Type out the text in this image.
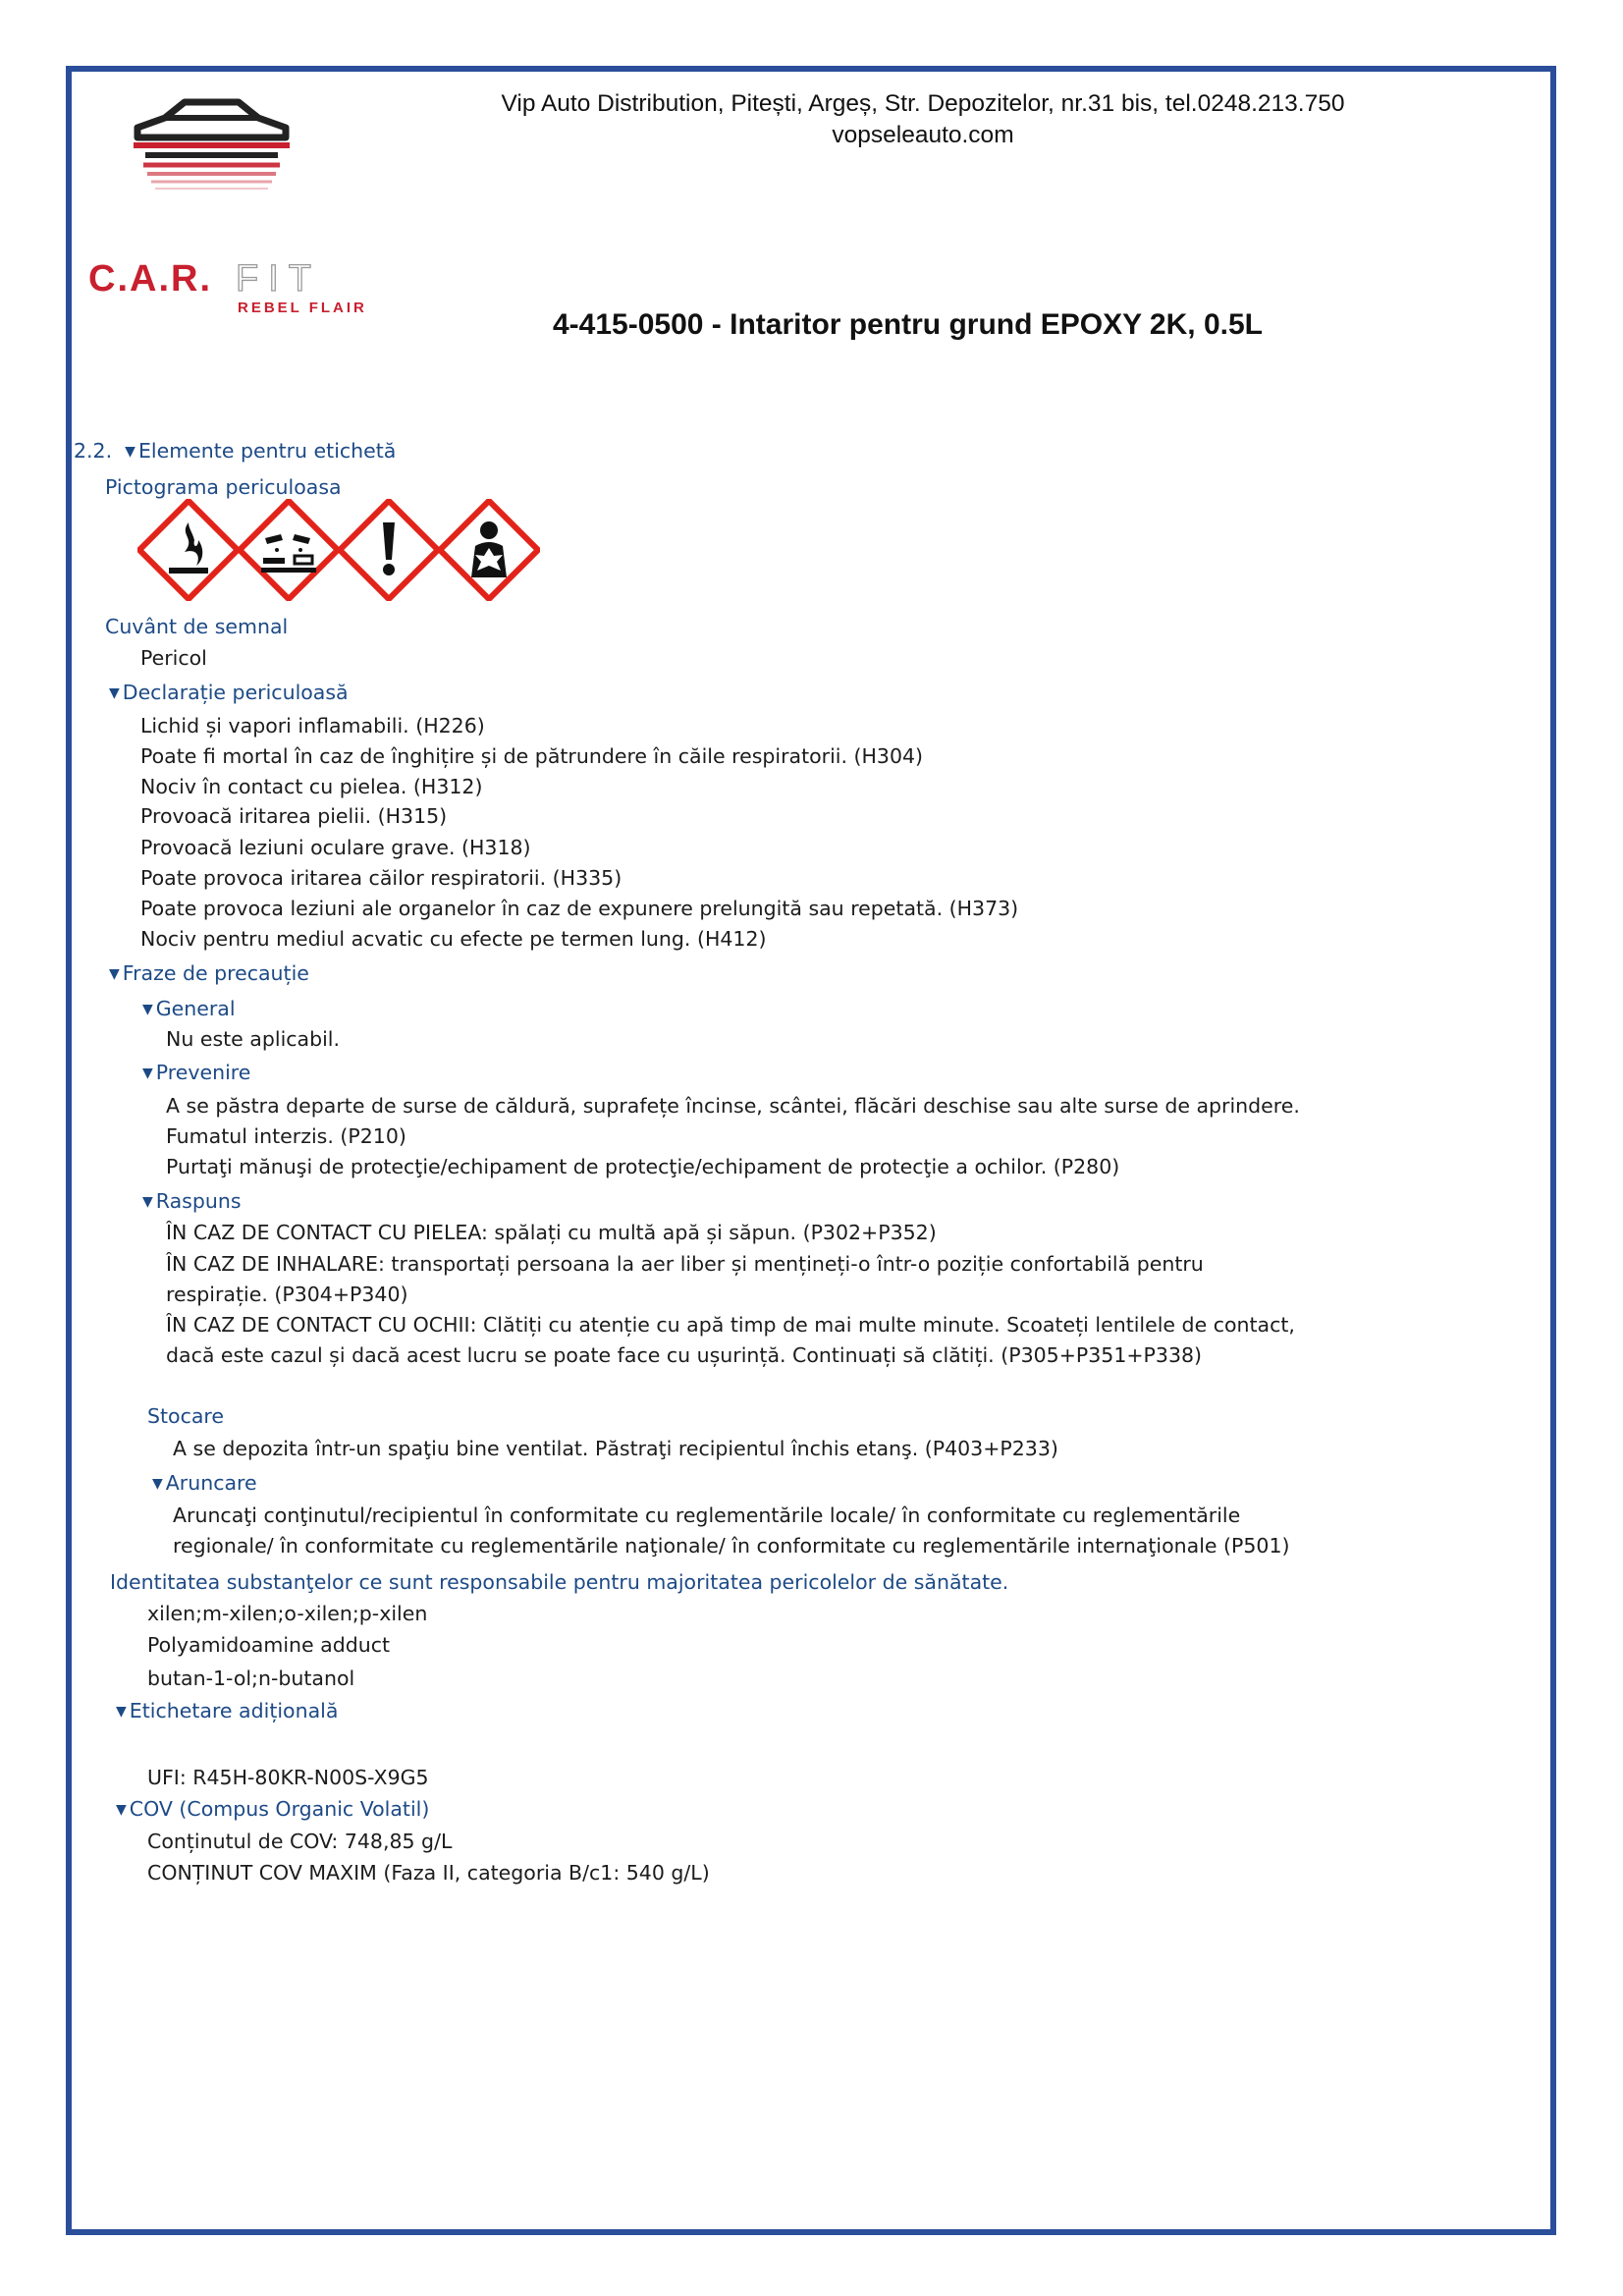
C.A.R. FIT
REBEL FLAIR
Vip Auto Distribution, Pitești, Argeș, Str. Depozitelor, nr.31 bis, tel.0248.213.750
vopseleauto.com
4-415-0500 - Intaritor pentru grund EPOXY 2K, 0.5L
2.2. ▼ Elemente pentru etichetă
Pictograma periculoasa
Cuvânt de semnal
Pericol
▼ Declarație periculoasă
Lichid și vapori inflamabili. (H226)
Poate fi mortal în caz de înghițire și de pătrundere în căile respiratorii. (H304)
Nociv în contact cu pielea. (H312)
Provoacă iritarea pielii. (H315)
Provoacă leziuni oculare grave. (H318)
Poate provoca iritarea căilor respiratorii. (H335)
Poate provoca leziuni ale organelor în caz de expunere prelungită sau repetată. (H373)
Nociv pentru mediul acvatic cu efecte pe termen lung. (H412)
▼ Fraze de precauție
▼ General
Nu este aplicabil.
▼ Prevenire
A se păstra departe de surse de căldură, suprafețe încinse, scântei, flăcări deschise sau alte surse de aprindere.
Fumatul interzis. (P210)
Purtaţi mănuşi de protecţie/echipament de protecţie/echipament de protecţie a ochilor. (P280)
▼ Raspuns
ÎN CAZ DE CONTACT CU PIELEA: spălați cu multă apă și săpun. (P302+P352)
ÎN CAZ DE INHALARE: transportați persoana la aer liber și mențineți-o într-o poziție confortabilă pentru
respirație. (P304+P340)
ÎN CAZ DE CONTACT CU OCHII: Clătiți cu atenție cu apă timp de mai multe minute. Scoateți lentilele de contact,
dacă este cazul și dacă acest lucru se poate face cu ușurință. Continuați să clătiți. (P305+P351+P338)
Stocare
A se depozita într-un spaţiu bine ventilat. Păstraţi recipientul închis etanş. (P403+P233)
▼ Aruncare
Aruncaţi conţinutul/recipientul în conformitate cu reglementările locale/ în conformitate cu reglementările
regionale/ în conformitate cu reglementările naţionale/ în conformitate cu reglementările internaţionale (P501)
Identitatea substanţelor ce sunt responsabile pentru majoritatea pericolelor de sănătate.
xilen;m-xilen;o-xilen;p-xilen
Polyamidoamine adduct
butan-1-ol;n-butanol
▼ Etichetare adițională
UFI: R45H-80KR-N00S-X9G5
▼ COV (Compus Organic Volatil)
Conținutul de COV: 748,85 g/L
CONȚINUT COV MAXIM (Faza II, categoria B/c1: 540 g/L)
